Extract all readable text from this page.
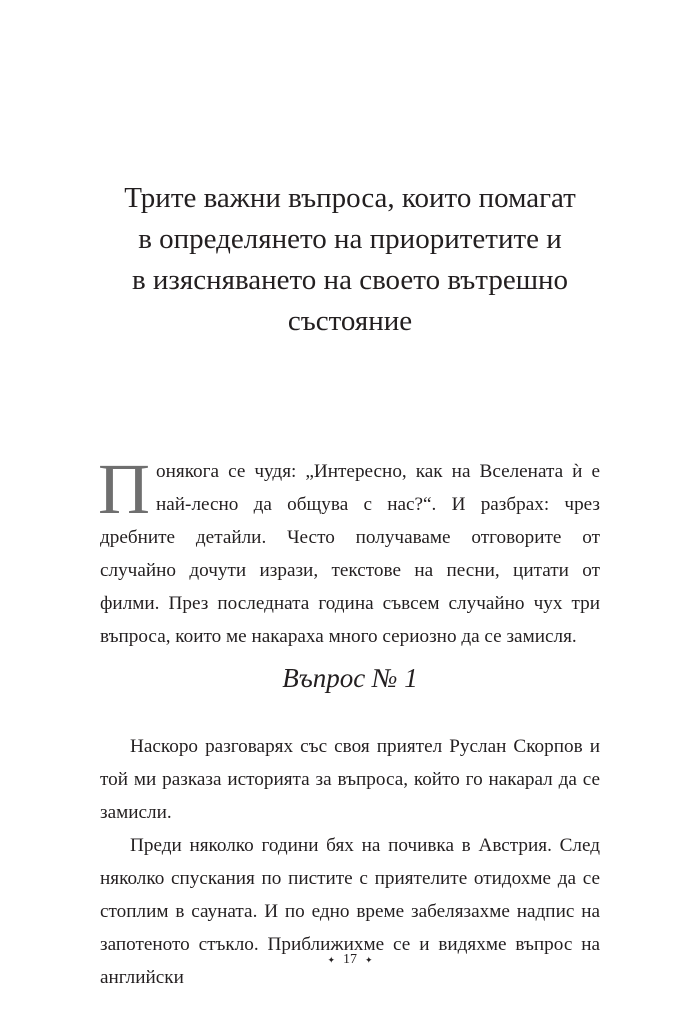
Трите важни въпроса, които помагат
в определянето на приоритетите и
в изясняването на своето вътрешно
състояние

Понякога се чудя: „Интересно, как на Вселената ѝ е най-лесно да общува с нас?“. И разбрах: чрез дребните детайли. Често получаваме отговорите от случайно дочути изрази, текстове на песни, цитати от филми. През последната година съвсем случайно чух три въпроса, които ме накараха много сериозно да се замисля.

Въпрос № 1

Наскоро разговарях със своя приятел Руслан Скорпов и той ми разказа историята за въпроса, който го накарал да се замисли.

Преди няколко години бях на почивка в Австрия. След няколко спускания по пистите с приятелите отидохме да се стоплим в сауната. И по едно време забелязахме надпис на запотеното стъкло. Приближихме се и видяхме въпрос на английски

✦ 17 ✦
